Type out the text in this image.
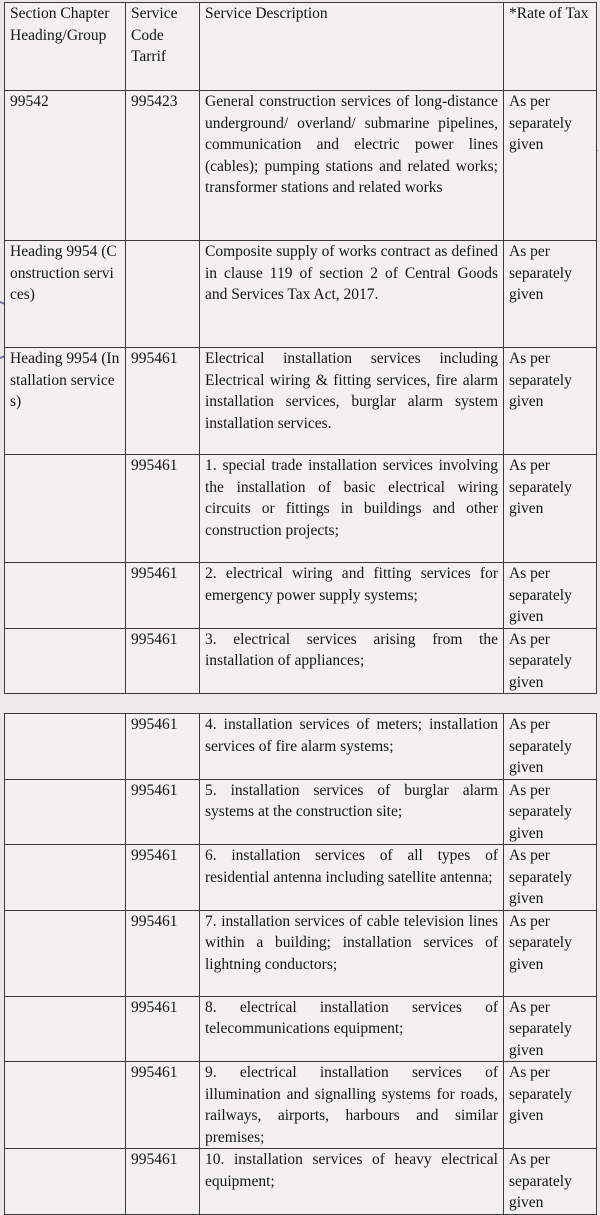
Section Chapter Heading/Group	Service Code Tarrif	Service Description	*Rate of Tax
99542	995423	General construction services of long-distance underground/ overland/ submarine pipelines, communication and electric power lines (cables); pumping stations and related works; transformer stations and related works	As per separately given
Heading 9954 (Construction services)		Composite supply of works contract as defined in clause 119 of section 2 of Central Goods and Services Tax Act, 2017.	As per separately given
Heading 9954 (Installation services)	995461	Electrical installation services including Electrical wiring & fitting services, fire alarm installation services, burglar alarm system installation services.	As per separately given
	995461	1. special trade installation services involving the installation of basic electrical wiring circuits or fittings in buildings and other construction projects;	As per separately given
	995461	2. electrical wiring and fitting services for emergency power supply systems;	As per separately given
	995461	3. electrical services arising from the installation of appliances;	As per separately given
	995461	4. installation services of meters; installation services of fire alarm systems;	As per separately given
	995461	5. installation services of burglar alarm systems at the construction site;	As per separately given
	995461	6. installation services of all types of residential antenna including satellite antenna;	As per separately given
	995461	7. installation services of cable television lines within a building; installation services of lightning conductors;	As per separately given
	995461	8. electrical installation services of telecommunications equipment;	As per separately given
	995461	9. electrical installation services of illumination and signalling systems for roads, railways, airports, harbours and similar premises;	As per separately given
	995461	10. installation services of heavy electrical equipment;	As per separately given
